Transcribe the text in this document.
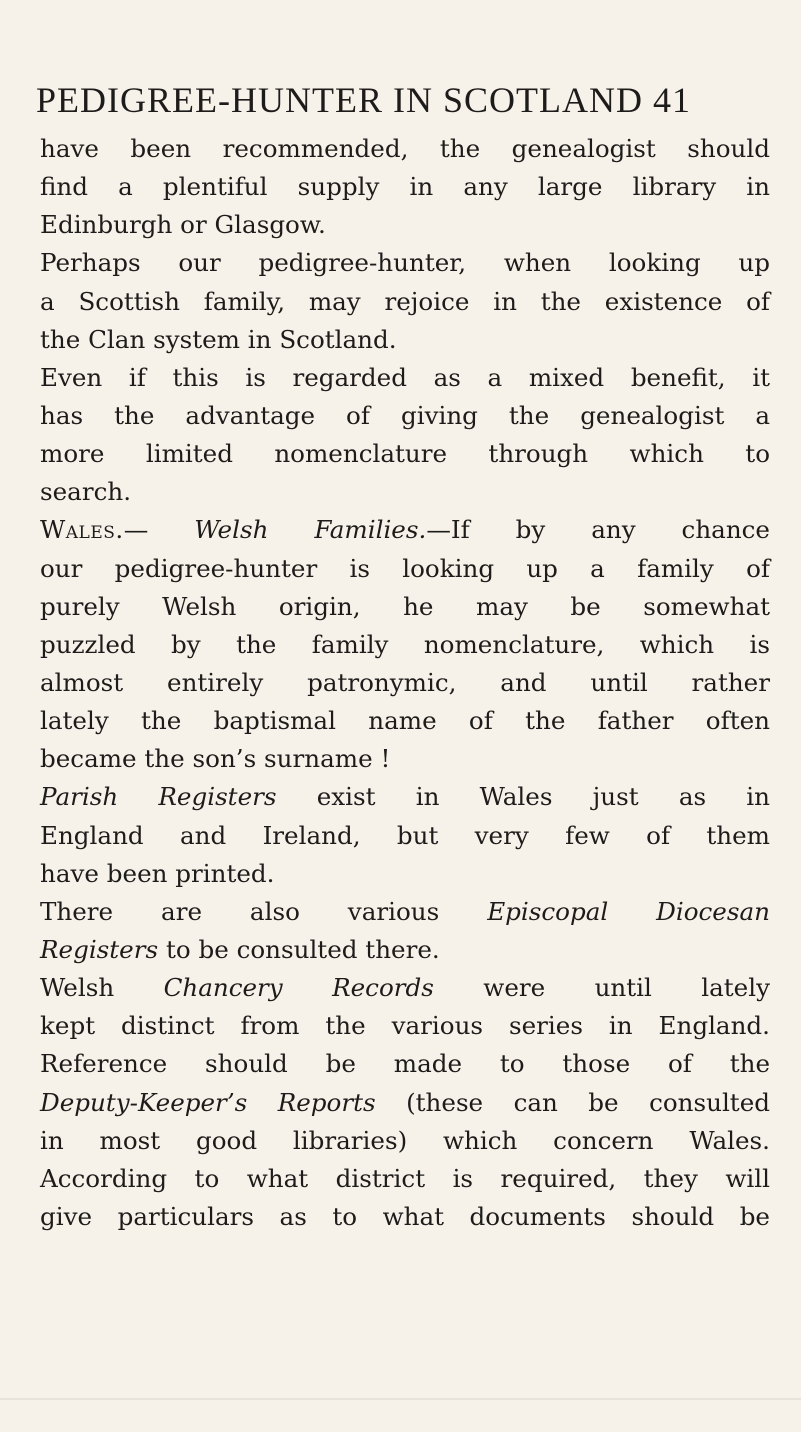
PEDIGREE-HUNTER IN SCOTLAND 41
have been recommended, the genealogist should
find a plentiful supply in any large library in
Edinburgh or Glasgow.
Perhaps our pedigree-hunter, when looking up
a Scottish family, may rejoice in the existence of
the Clan system in Scotland.
Even if this is regarded as a mixed benefit, it
has the advantage of giving the genealogist a
more limited nomenclature through which to
search.
Wales.— Welsh Families.—If by any chance
our pedigree-hunter is looking up a family of
purely Welsh origin, he may be somewhat
puzzled by the family nomenclature, which is
almost entirely patronymic, and until rather
lately the baptismal name of the father often
became the son’s surname !
Parish Registers exist in Wales just as in
England and Ireland, but very few of them
have been printed.
There are also various Episcopal Diocesan
Registers to be consulted there.
Welsh Chancery Records were until lately
kept distinct from the various series in England.
Reference should be made to those of the
Deputy-Keeper’s Reports (these can be consulted
in most good libraries) which concern Wales.
According to what district is required, they will
give particulars as to what documents should be
